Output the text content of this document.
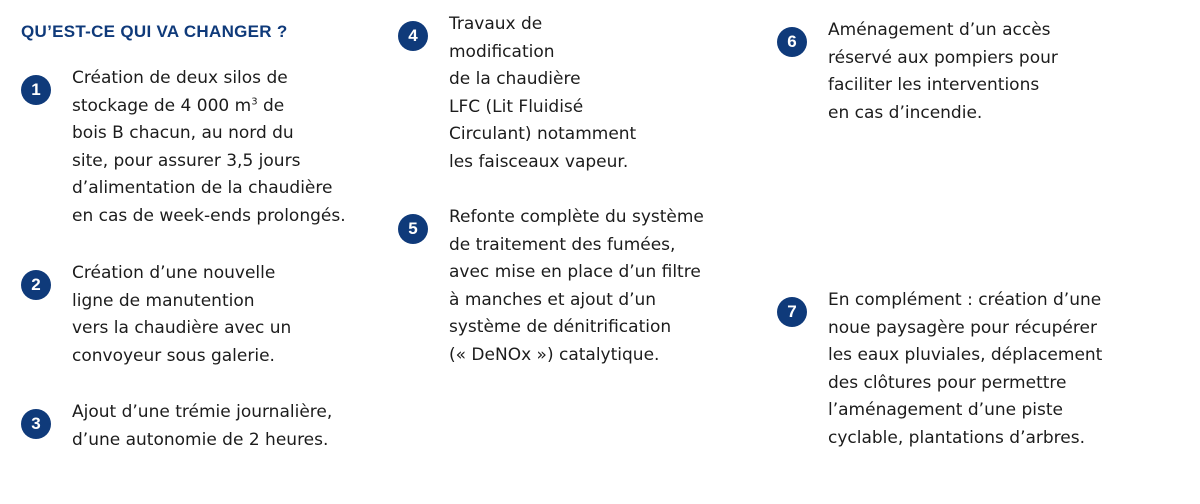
QU’EST-CE QUI VA CHANGER ?
1

Création de deux silos de
stockage de 4 000 $m^3$ de
bois B chacun, au nord du
site, pour assurer 3,5 jours
d’alimentation de la chaudière
en cas de week-ends prolongés.

2

Création d’une nouvelle
ligne de manutention
vers la chaudière avec un
convoyeur sous galerie.

3

Ajout d’une trémie journalière,
d’une autonomie de 2 heures.

4

Travaux de
modification
de la chaudière
LFC (Lit Fluidisé
Circulant) notamment
les faisceaux vapeur.

5

Refonte complète du système
de traitement des fumées,
avec mise en place d’un filtre
à manches et ajout d’un
système de dénitrification
(« DeNOx ») catalytique.

6

Aménagement d’un accès
réservé aux pompiers pour
faciliter les interventions
en cas d’incendie.

7

En complément : création d’une
noue paysagère pour récupérer
les eaux pluviales, déplacement
des clôtures pour permettre
l’aménagement d’une piste
cyclable, plantations d’arbres.
